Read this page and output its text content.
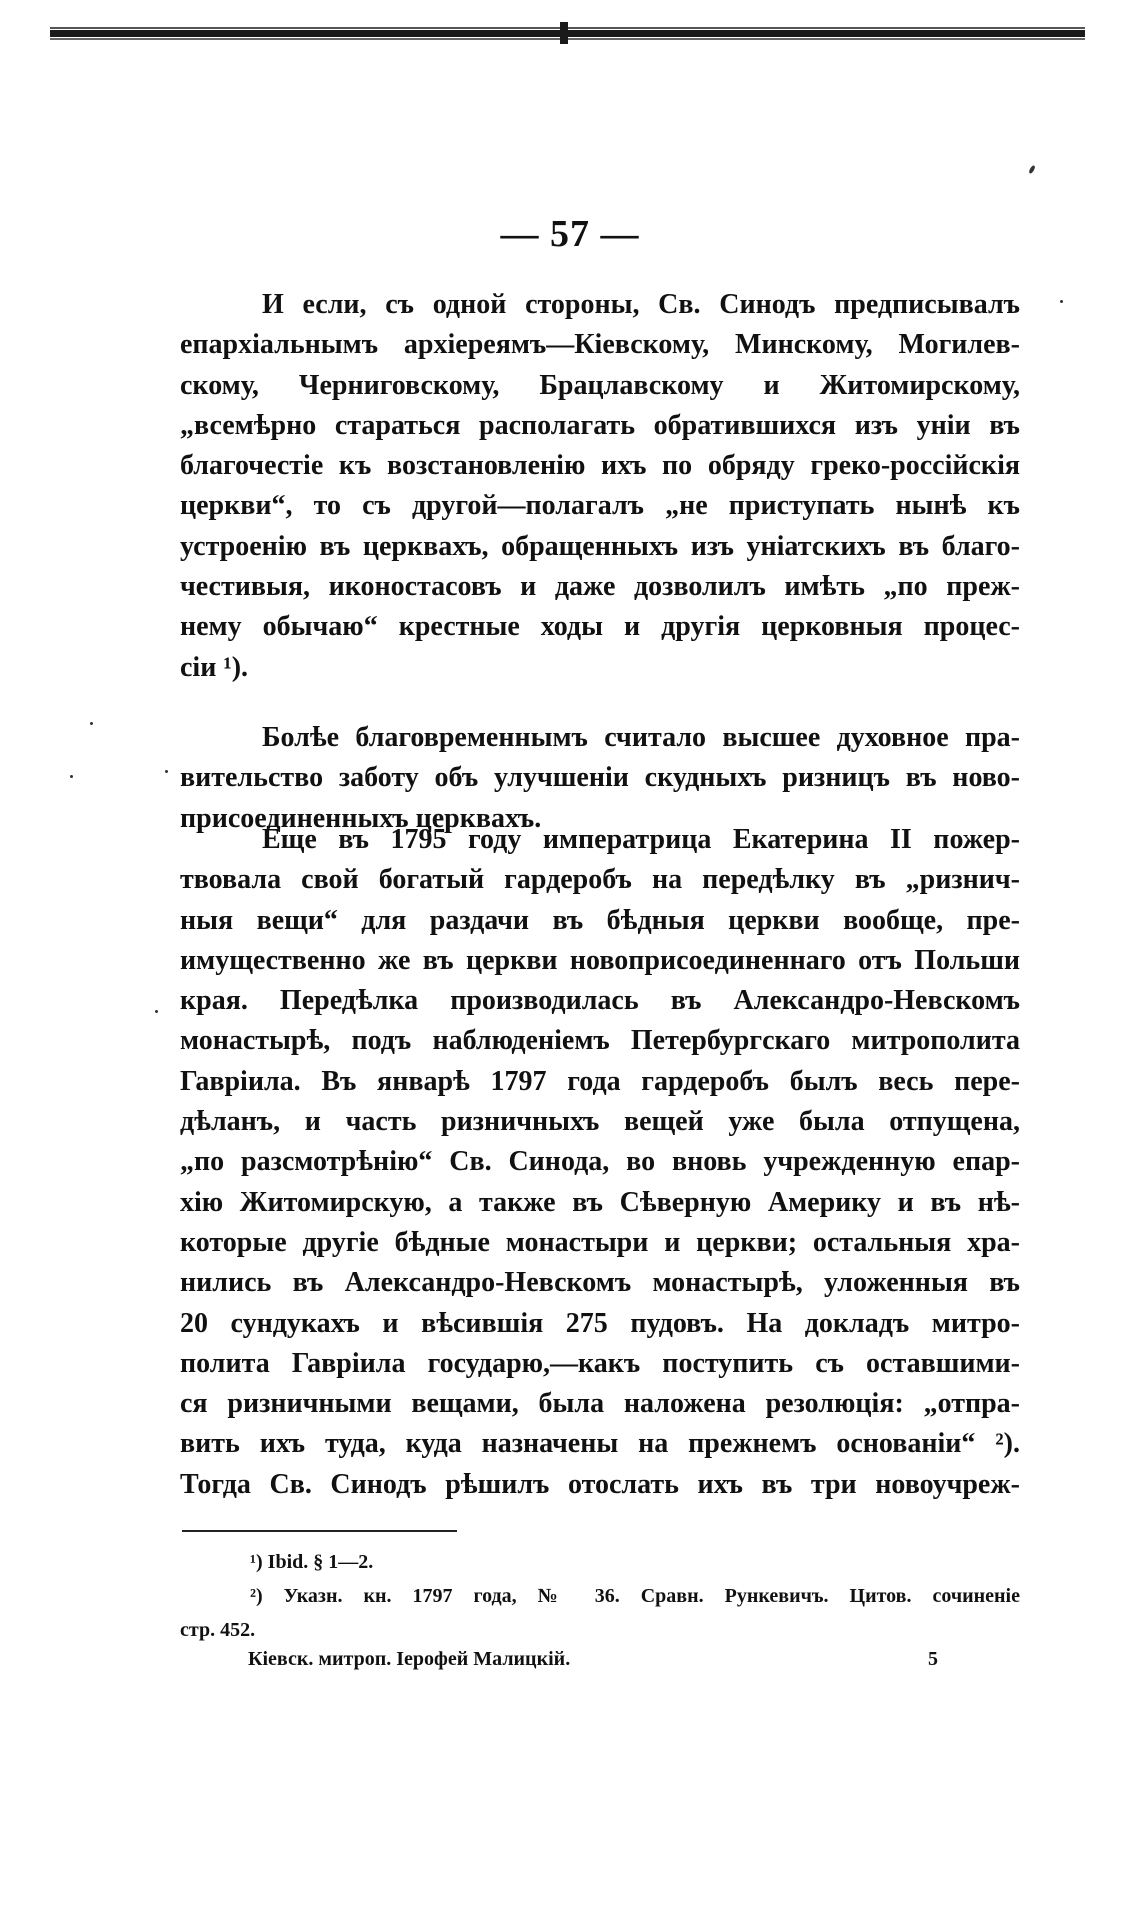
— 57 —
И если, съ одной стороны, Св. Синодъ предписывалъ
епархіальнымъ архіереямъ—Кіевскому, Минскому, Могилев-
скому, Черниговскому, Брацлавскому и Житомирскому,
„всемѣрно стараться располагать обратившихся изъ уніи въ
благочестіе къ возстановленію ихъ по обряду греко-россійскія
церкви“, то съ другой—полагалъ „не приступать нынѣ къ
устроенію въ церквахъ, обращенныхъ изъ уніатскихъ въ благо-
честивыя, иконостасовъ и даже дозволилъ имѣть „по преж-
нему обычаю“ крестные ходы и другія церковныя процес-
сіи ¹).
Болѣе благовременнымъ считало высшее духовное пра-
вительство заботу объ улучшеніи скудныхъ ризницъ въ ново-
присоединенныхъ церквахъ.
Еще въ 1795 году императрица Екатерина II пожер-
твовала свой богатый гардеробъ на передѣлку въ „ризнич-
ныя вещи“ для раздачи въ бѣдныя церкви вообще, пре-
имущественно же въ церкви новоприсоединеннаго отъ Польши
края. Передѣлка производилась въ Александро-Невскомъ
монастырѣ, подъ наблюденіемъ Петербургскаго митрополита
Гавріила. Въ январѣ 1797 года гардеробъ былъ весь пере-
дѣланъ, и часть ризничныхъ вещей уже была отпущена,
„по разсмотрѣнію“ Св. Синода, во вновь учрежденную епар-
хію Житомирскую, а также въ Сѣверную Америку и въ нѣ-
которые другіе бѣдные монастыри и церкви; остальныя хра-
нились въ Александро-Невскомъ монастырѣ, уложенныя въ
20 сундукахъ и вѣсившія 275 пудовъ. На докладъ митро-
полита Гавріила государю,—какъ поступить съ оставшими-
ся ризничными вещами, была наложена резолюція: „отпра-
вить ихъ туда, куда назначены на прежнемъ основаніи“ ²).
Тогда Св. Синодъ рѣшилъ отослать ихъ въ три новоучреж-
¹) Ibid. § 1—2.
²) Указн. кн. 1797 года, № 36. Сравн. Рункевичъ. Цитов. сочиненіе
стр. 452.
Кіевск. митроп. Іерофей Малицкій.	5
